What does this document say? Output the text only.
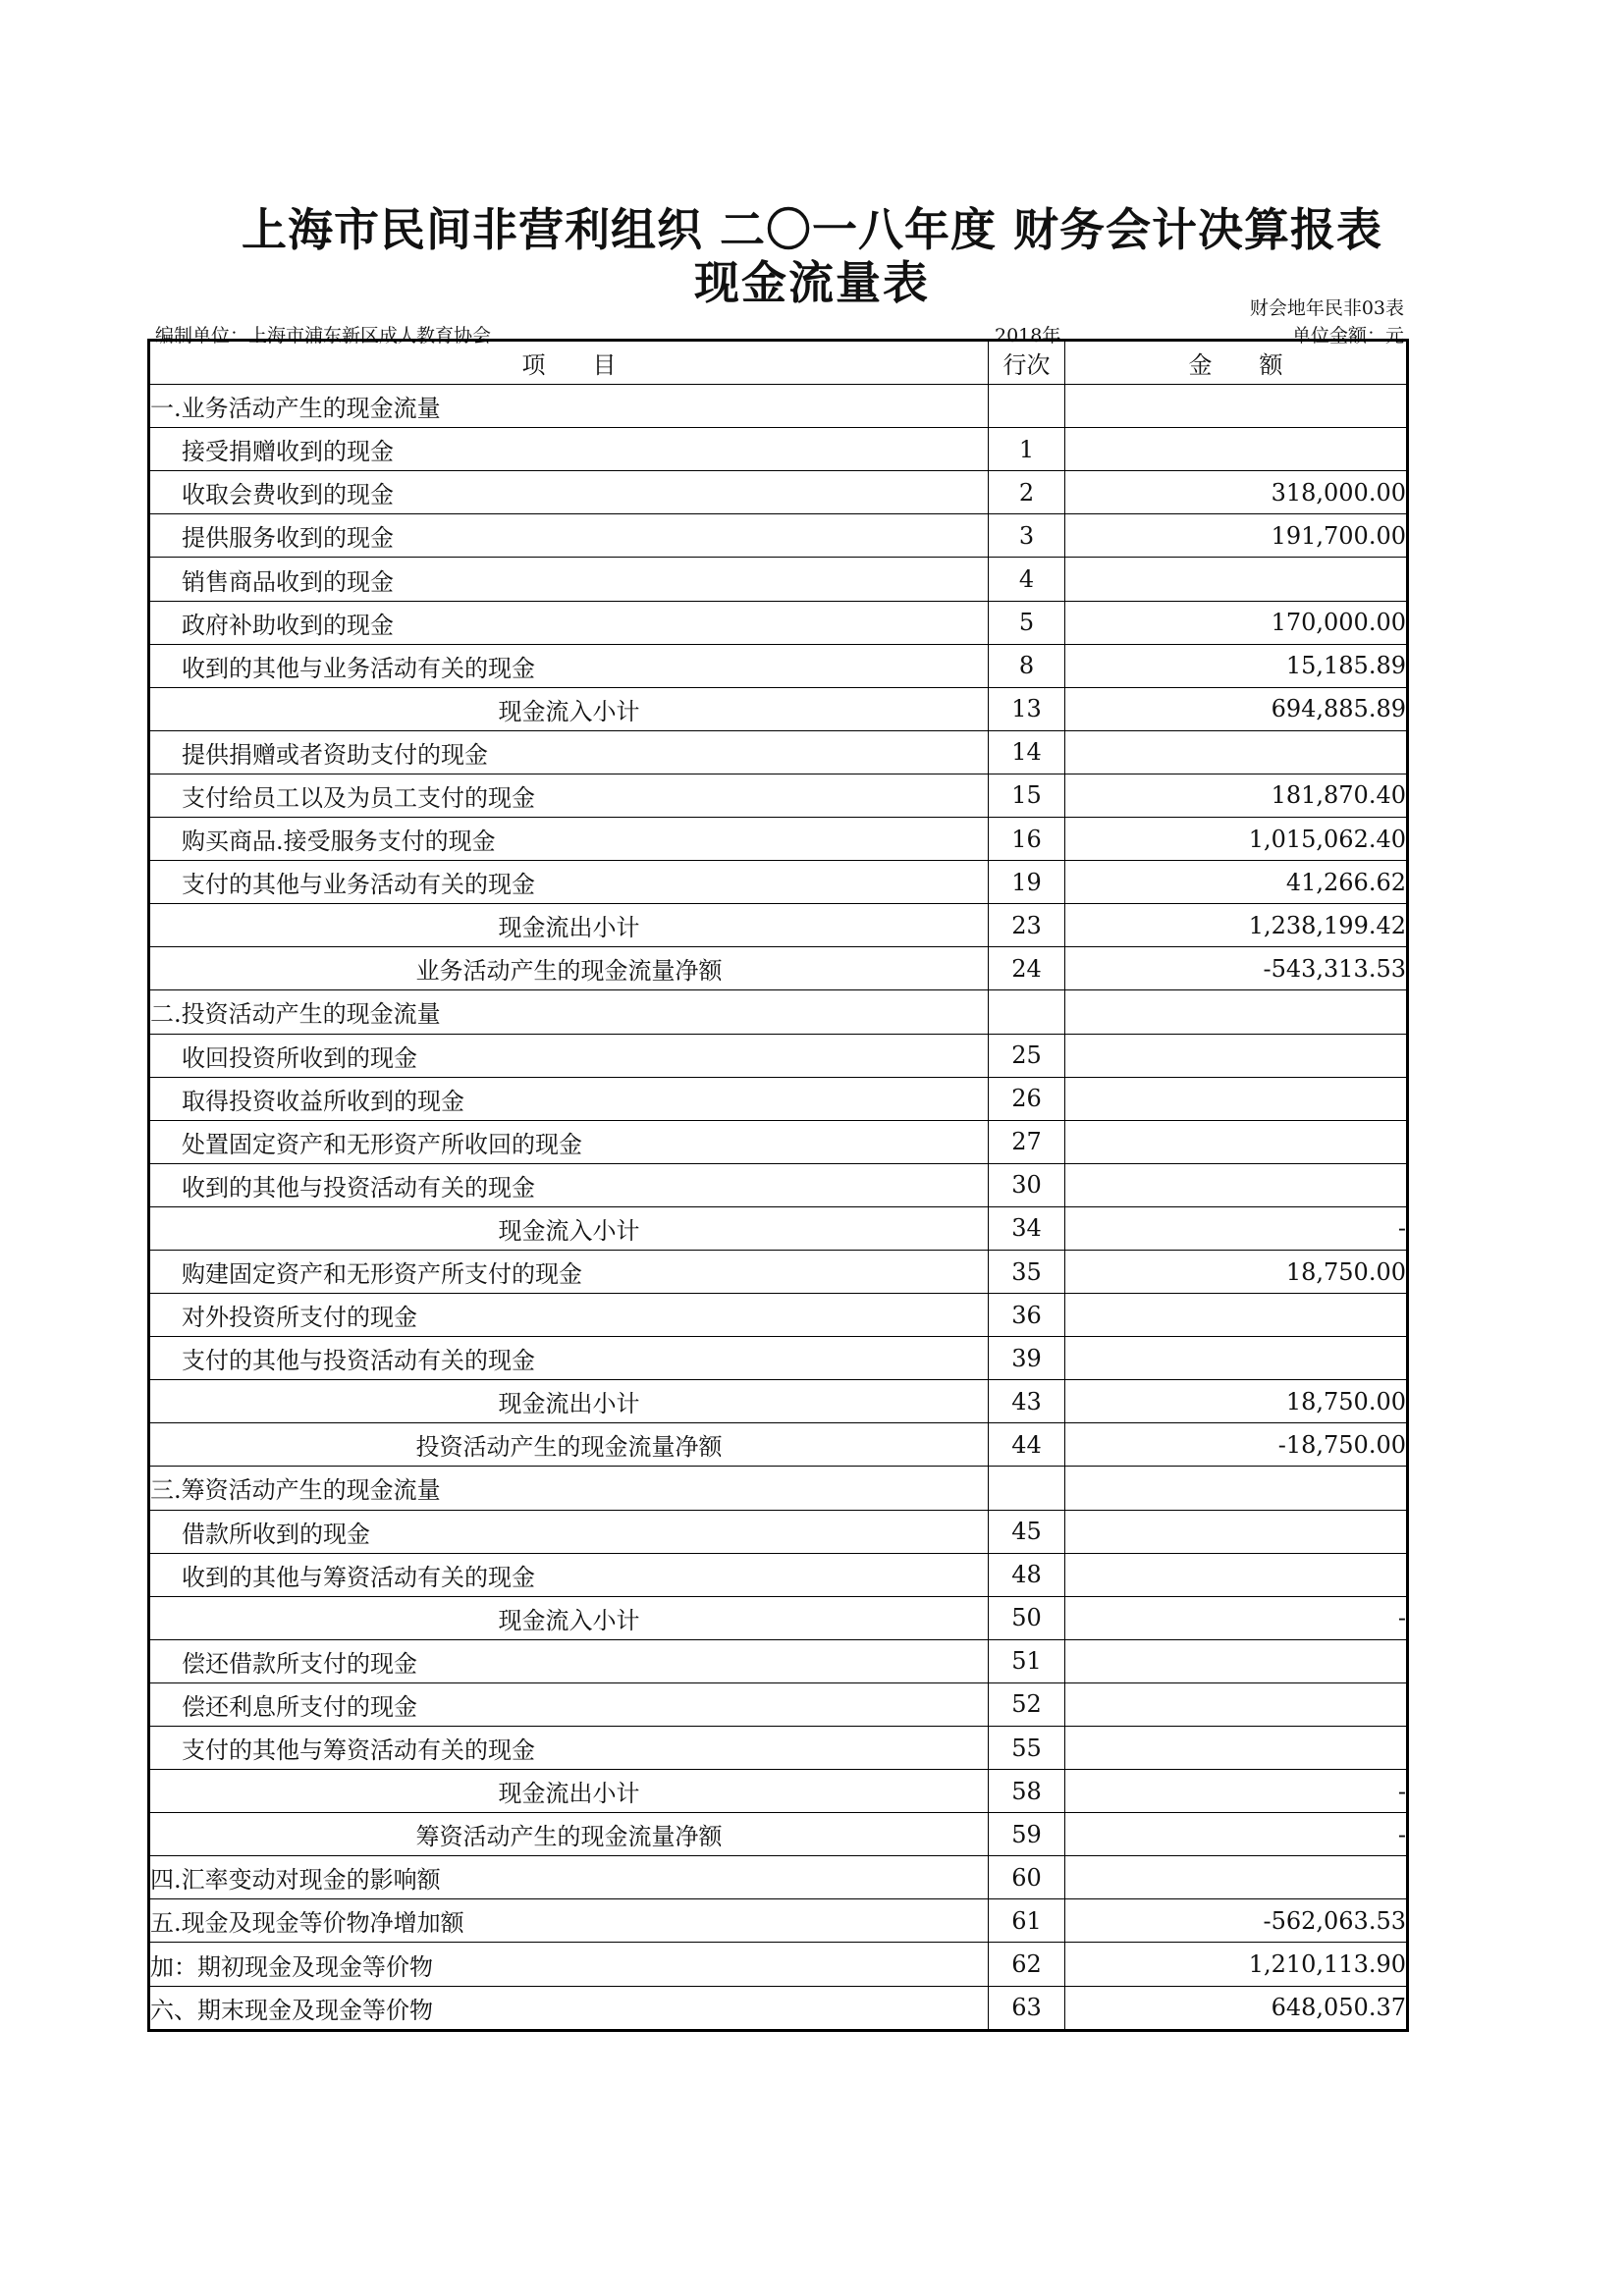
上海市民间非营利组织 二〇一八年度 财务会计决算报表
现金流量表	财会地年民非03表
编制单位：上海市浦东新区成人教育协会	2018年	单位金额：元
项　　目	行次	金　　额
一.业务活动产生的现金流量		
接受捐赠收到的现金	1	
收取会费收到的现金	2	318,000.00
提供服务收到的现金	3	191,700.00
销售商品收到的现金	4	
政府补助收到的现金	5	170,000.00
收到的其他与业务活动有关的现金	8	15,185.89
现金流入小计	13	694,885.89
提供捐赠或者资助支付的现金	14	
支付给员工以及为员工支付的现金	15	181,870.40
购买商品.接受服务支付的现金	16	1,015,062.40
支付的其他与业务活动有关的现金	19	41,266.62
现金流出小计	23	1,238,199.42
业务活动产生的现金流量净额	24	-543,313.53
二.投资活动产生的现金流量		
收回投资所收到的现金	25	
取得投资收益所收到的现金	26	
处置固定资产和无形资产所收回的现金	27	
收到的其他与投资活动有关的现金	30	
现金流入小计	34	-
购建固定资产和无形资产所支付的现金	35	18,750.00
对外投资所支付的现金	36	
支付的其他与投资活动有关的现金	39	
现金流出小计	43	18,750.00
投资活动产生的现金流量净额	44	-18,750.00
三.筹资活动产生的现金流量		
借款所收到的现金	45	
收到的其他与筹资活动有关的现金	48	
现金流入小计	50	-
偿还借款所支付的现金	51	
偿还利息所支付的现金	52	
支付的其他与筹资活动有关的现金	55	
现金流出小计	58	-
筹资活动产生的现金流量净额	59	-
四.汇率变动对现金的影响额	60	
五.现金及现金等价物净增加额	61	-562,063.53
加：期初现金及现金等价物	62	1,210,113.90
六、期末现金及现金等价物	63	648,050.37
